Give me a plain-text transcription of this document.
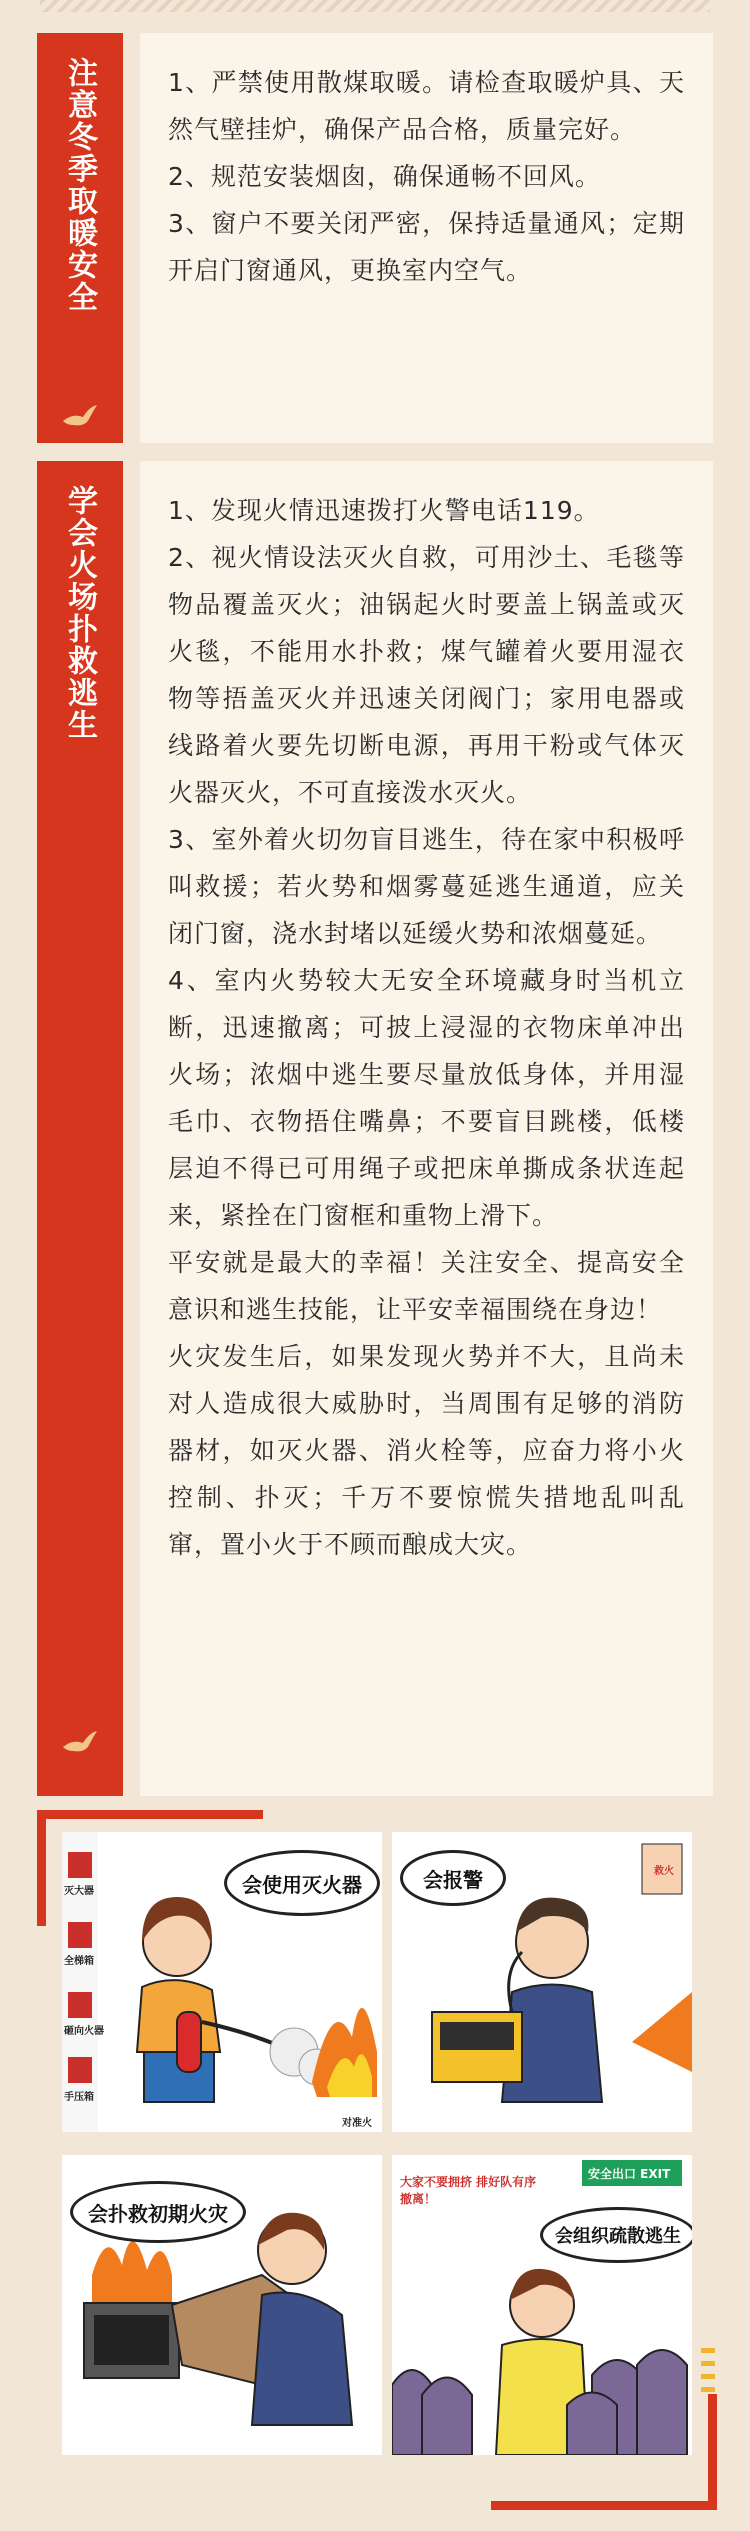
注意冬季取暖安全	1、严禁使用散煤取暖。请检查取暖炉具、天然气壁挂炉，确保产品合格，质量完好。

2、规范安装烟囱，确保通畅不回风。

3、窗户不要关闭严密，保持适量通风；定期开启门窗通风，更换室内空气。

学会火场扑救逃生	1、发现火情迅速拨打火警电话119。

2、视火情设法灭火自救，可用沙土、毛毯等物品覆盖灭火；油锅起火时要盖上锅盖或灭火毯，不能用水扑救；煤气罐着火要用湿衣物等捂盖灭火并迅速关闭阀门；家用电器或线路着火要先切断电源，再用干粉或气体灭火器灭火，不可直接泼水灭火。

3、室外着火切勿盲目逃生，待在家中积极呼叫救援；若火势和烟雾蔓延逃生通道，应关闭门窗，浇水封堵以延缓火势和浓烟蔓延。

4、室内火势较大无安全环境藏身时当机立断，迅速撤离；可披上浸湿的衣物床单冲出火场；浓烟中逃生要尽量放低身体，并用湿毛巾、衣物捂住嘴鼻；不要盲目跳楼，低楼层迫不得已可用绳子或把床单撕成条状连起来，紧拴在门窗框和重物上滑下。

平安就是最大的幸福！关注安全、提高安全意识和逃生技能，让平安幸福围绕在身边！

火灾发生后，如果发现火势并不大，且尚未对人造成很大威胁时，当周围有足够的消防器材，如灭火器、消火栓等，应奋力将小火控制、扑灭；千万不要惊慌失措地乱叫乱窜，置小火于不顾而酿成大灾。

会使用灭火器
灭大器
全梯箱
砸向火器
手压箱
对准火
会报警	救火
会扑救初期火灾
大家不要拥挤 排好队有序撤离！
安全出口 EXIT
会组织疏散逃生
